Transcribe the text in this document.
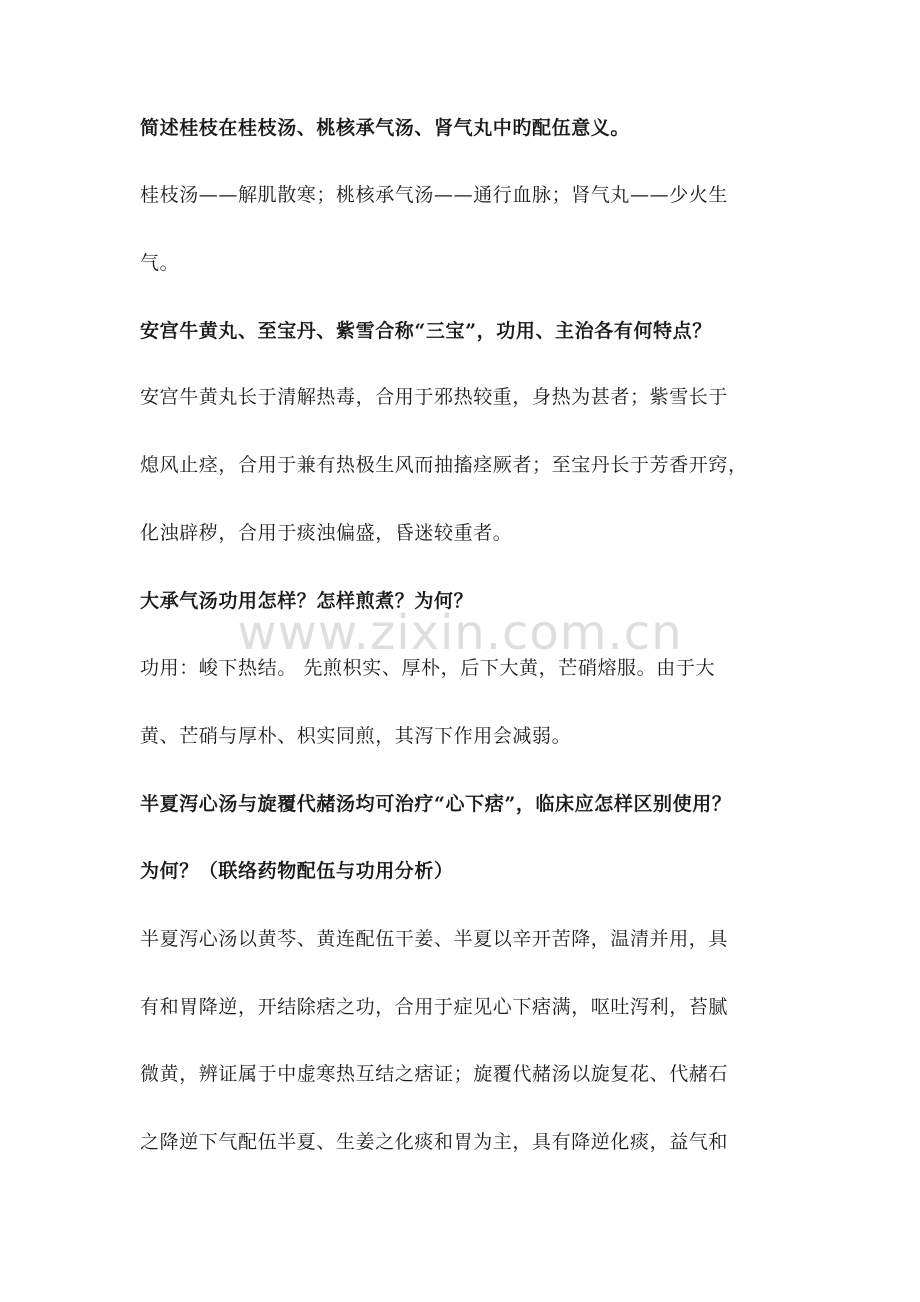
www.zixin.com.cn
简述桂枝在桂枝汤、桃核承气汤、肾气丸中旳配伍意义。
桂枝汤——解肌散寒；桃核承气汤——通行血脉；肾气丸——少火生
气。
安宫牛黄丸、至宝丹、紫雪合称“三宝”，功用、主治各有何特点？
安宫牛黄丸长于清解热毒，合用于邪热较重，身热为甚者；紫雪长于
熄风止痉，合用于兼有热极生风而抽搐痉厥者；至宝丹长于芳香开窍，
化浊辟秽，合用于痰浊偏盛，昏迷较重者。
大承气汤功用怎样？怎样煎煮？为何？
功用：峻下热结。 先煎枳实、厚朴，后下大黄，芒硝熔服。由于大
黄、芒硝与厚朴、枳实同煎，其泻下作用会减弱。
半夏泻心汤与旋覆代赭汤均可治疗“心下痞”，临床应怎样区别使用？
为何？（联络药物配伍与功用分析）
半夏泻心汤以黄芩、黄连配伍干姜、半夏以辛开苦降，温清并用，具
有和胃降逆，开结除痞之功，合用于症见心下痞满，呕吐泻利，苔腻
微黄，辨证属于中虚寒热互结之痞证；旋覆代赭汤以旋复花、代赭石
之降逆下气配伍半夏、生姜之化痰和胃为主，具有降逆化痰，益气和
